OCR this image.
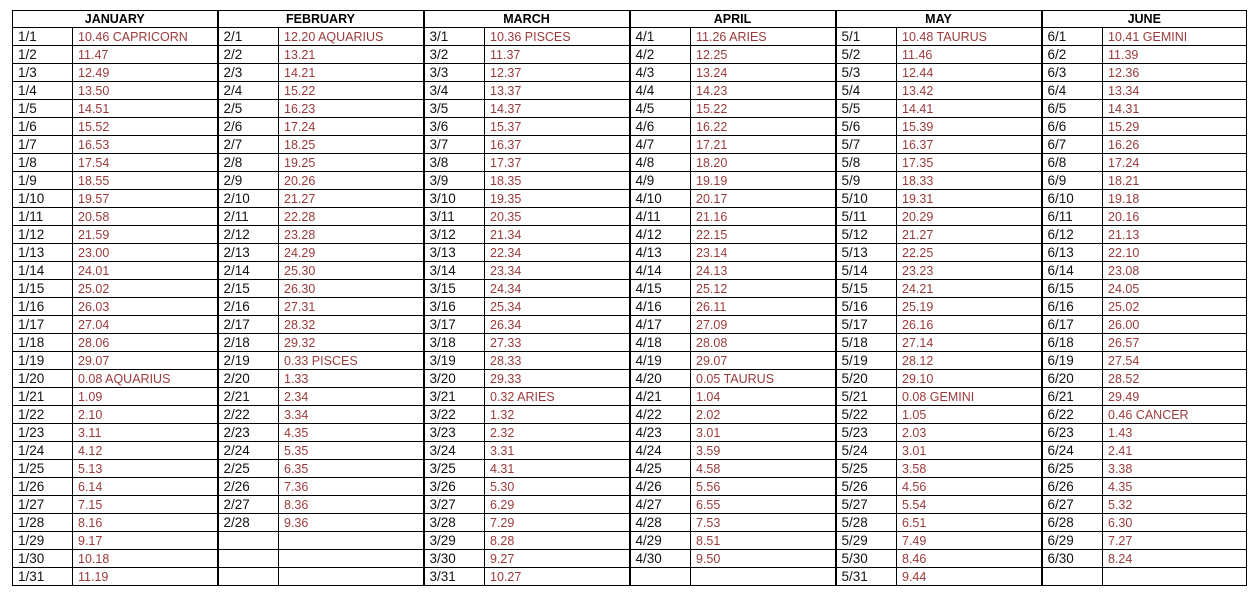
JANUARY		FEBRUARY		MARCH		APRIL		MAY		JUNE	
1/1	10.46 CAPRICORN	2/1	12.20 AQUARIUS	3/1	10.36 PISCES	4/1	11.26 ARIES	5/1	10.48 TAURUS	6/1	10.41 GEMINI
1/2	11.47	2/2	13.21	3/2	11.37	4/2	12.25	5/2	11.46	6/2	11.39
1/3	12.49	2/3	14.21	3/3	12.37	4/3	13.24	5/3	12.44	6/3	12.36
1/4	13.50	2/4	15.22	3/4	13.37	4/4	14.23	5/4	13.42	6/4	13.34
1/5	14.51	2/5	16.23	3/5	14.37	4/5	15.22	5/5	14.41	6/5	14.31
1/6	15.52	2/6	17.24	3/6	15.37	4/6	16.22	5/6	15.39	6/6	15.29
1/7	16.53	2/7	18.25	3/7	16.37	4/7	17.21	5/7	16.37	6/7	16.26
1/8	17.54	2/8	19.25	3/8	17.37	4/8	18.20	5/8	17.35	6/8	17.24
1/9	18.55	2/9	20.26	3/9	18.35	4/9	19.19	5/9	18.33	6/9	18.21
1/10	19.57	2/10	21.27	3/10	19.35	4/10	20.17	5/10	19.31	6/10	19.18
1/11	20.58	2/11	22.28	3/11	20.35	4/11	21.16	5/11	20.29	6/11	20.16
1/12	21.59	2/12	23.28	3/12	21.34	4/12	22.15	5/12	21.27	6/12	21.13
1/13	23.00	2/13	24.29	3/13	22.34	4/13	23.14	5/13	22.25	6/13	22.10
1/14	24.01	2/14	25.30	3/14	23.34	4/14	24.13	5/14	23.23	6/14	23.08
1/15	25.02	2/15	26.30	3/15	24.34	4/15	25.12	5/15	24.21	6/15	24.05
1/16	26.03	2/16	27.31	3/16	25.34	4/16	26.11	5/16	25.19	6/16	25.02
1/17	27.04	2/17	28.32	3/17	26.34	4/17	27.09	5/17	26.16	6/17	26.00
1/18	28.06	2/18	29.32	3/18	27.33	4/18	28.08	5/18	27.14	6/18	26.57
1/19	29.07	2/19	0.33 PISCES	3/19	28.33	4/19	29.07	5/19	28.12	6/19	27.54
1/20	0.08 AQUARIUS	2/20	1.33	3/20	29.33	4/20	0.05 TAURUS	5/20	29.10	6/20	28.52
1/21	1.09	2/21	2.34	3/21	0.32 ARIES	4/21	1.04	5/21	0.08 GEMINI	6/21	29.49
1/22	2.10	2/22	3.34	3/22	1.32	4/22	2.02	5/22	1.05	6/22	0.46 CANCER
1/23	3.11	2/23	4.35	3/23	2.32	4/23	3.01	5/23	2.03	6/23	1.43
1/24	4.12	2/24	5.35	3/24	3.31	4/24	3.59	5/24	3.01	6/24	2.41
1/25	5.13	2/25	6.35	3/25	4.31	4/25	4.58	5/25	3.58	6/25	3.38
1/26	6.14	2/26	7.36	3/26	5.30	4/26	5.56	5/26	4.56	6/26	4.35
1/27	7.15	2/27	8.36	3/27	6.29	4/27	6.55	5/27	5.54	6/27	5.32
1/28	8.16	2/28	9.36	3/28	7.29	4/28	7.53	5/28	6.51	6/28	6.30
1/29	9.17			3/29	8.28	4/29	8.51	5/29	7.49	6/29	7.27
1/30	10.18			3/30	9.27	4/30	9.50	5/30	8.46	6/30	8.24
1/31	11.19			3/31	10.27			5/31	9.44		
